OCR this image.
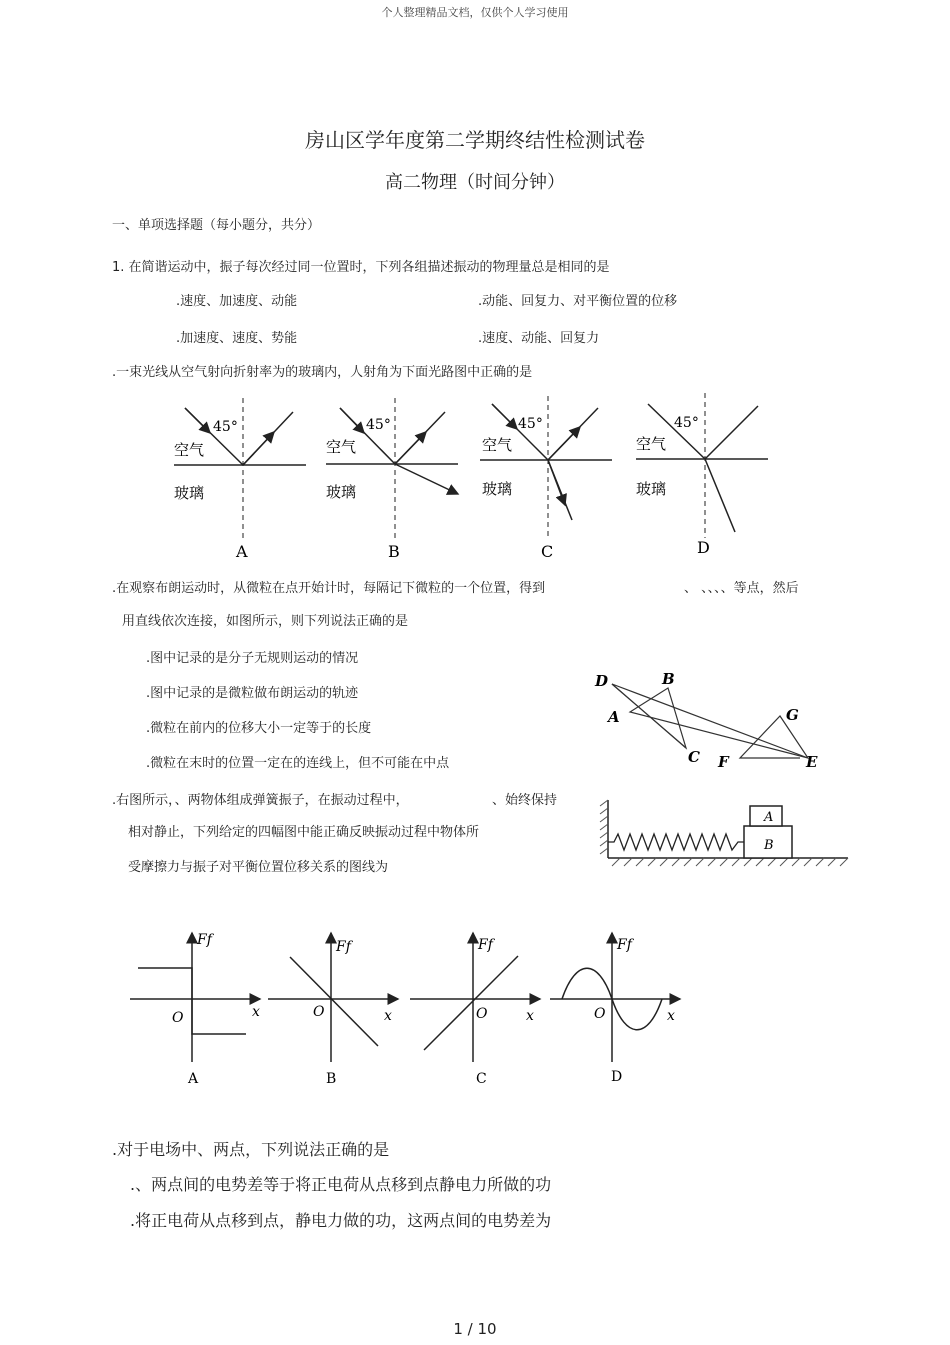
个人整理精品文档，仅供个人学习使用
房山区学年度第二学期终结性检测试卷
高二物理（时间分钟）
一、单项选择题（每小题分，共分）
1. 在简谐运动中，振子每次经过同一位置时，下列各组描述振动的物理量总是相同的是
.速度、加速度、动能	.动能、回复力、对平衡位置的位移
.加速度、速度、势能	.速度、动能、回复力
.一束光线从空气射向折射率为的玻璃内，人射角为下面光路图中正确的是
45°
空气
玻璃
A
45°
空气
玻璃
B
45°
空气
玻璃
C
45°
空气
玻璃
D
.在观察布朗运动时，从微粒在点开始计时，每隔记下微粒的一个位置，得到	、 、、、、等点，然后
用直线依次连接，如图所示，则下列说法正确的是
.图中记录的是分子无规则运动的情况
.图中记录的是微粒做布朗运动的轨迹
.微粒在前内的位移大小一定等于的长度
.微粒在末时的位置一定在的连线上，但不可能在中点
D	B
A
C
G
F	E
.右图所示，、两物体组成弹簧振子，在振动过程中，	、始终保持
相对静止，下列给定的四幅图中能正确反映振动过程中物体所
受摩擦力与振子对平衡位置位移关系的图线为
A
B
Ff
x
O
A
Ff
x
O
B
Ff
x
O
C
Ff
x
O
D
.对于电场中、两点，下列说法正确的是
.、两点间的电势差等于将正电荷从点移到点静电力所做的功
.将正电荷从点移到点，静电力做的功，这两点间的电势差为
1 / 10
